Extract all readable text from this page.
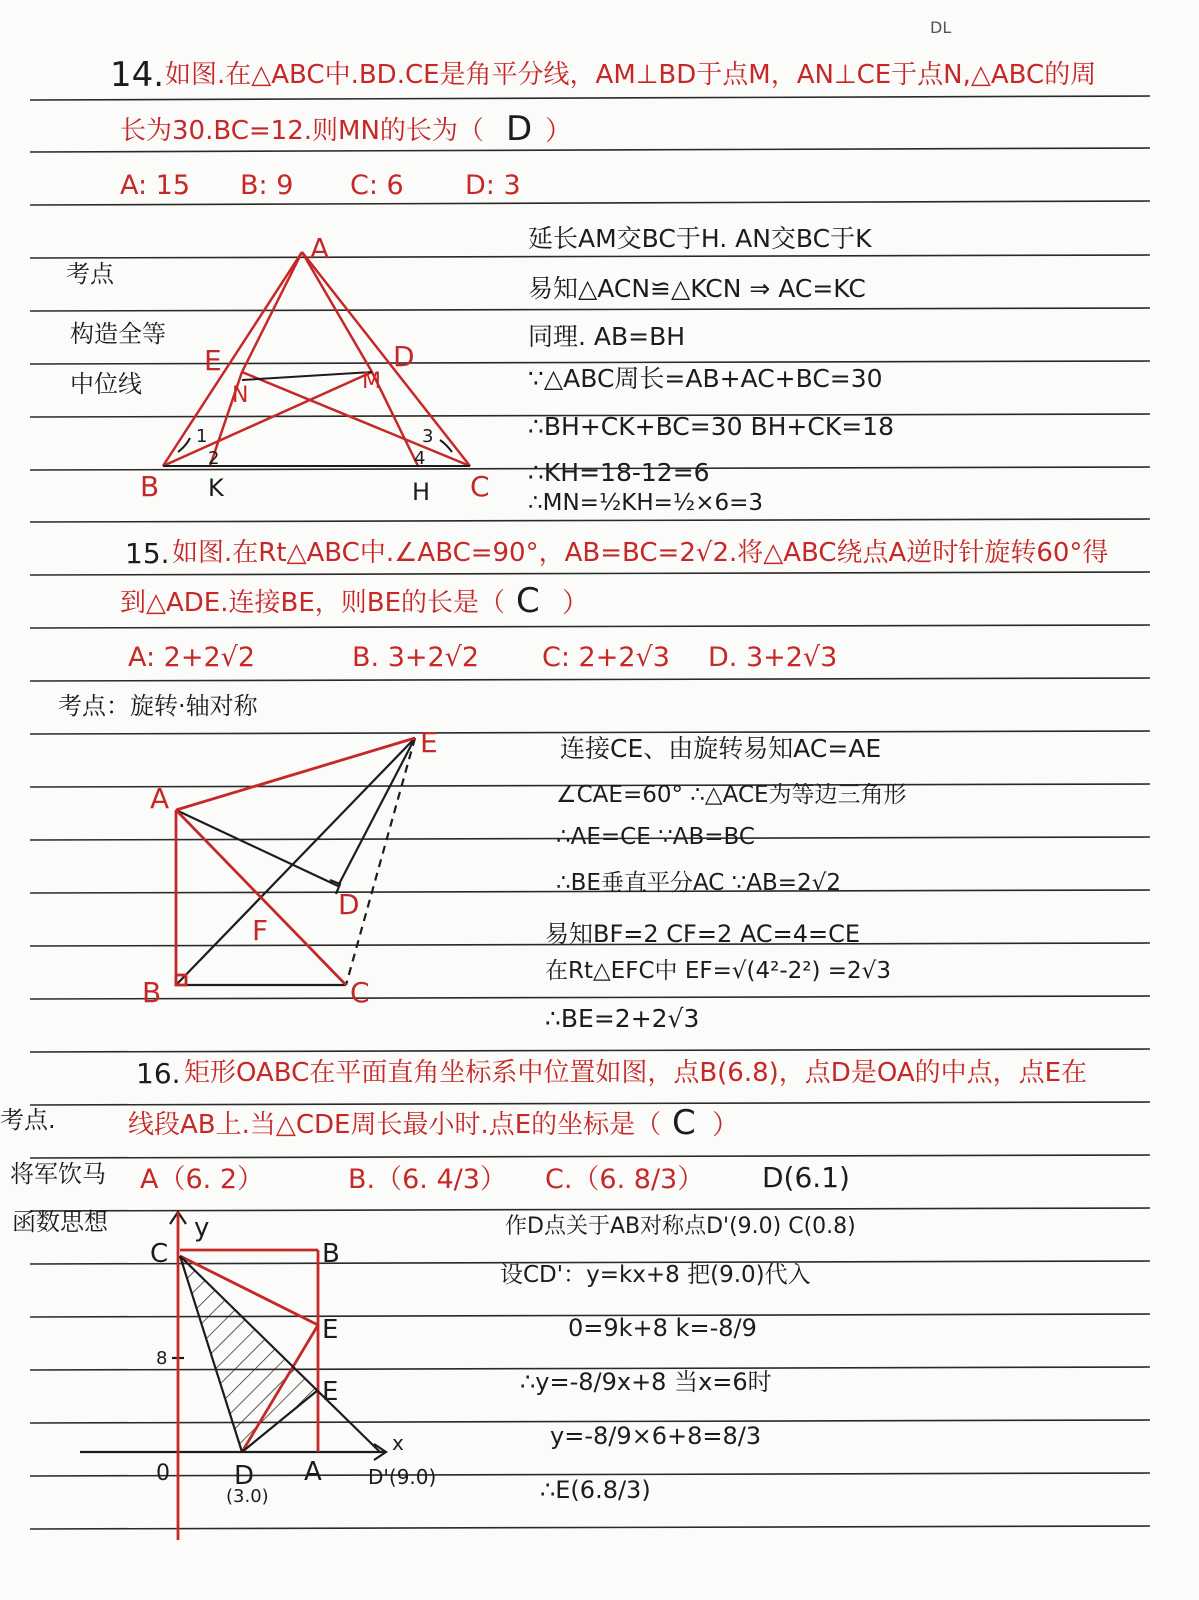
DL
14. 如图.在△ABC中.BD.CE是角平分线，AM⊥BD于点M，AN⊥CE于点N,△ABC的周
长为30.BC=12.则MN的长为（ D ）
A: 15 B: 9 C: 6 D: 3
考点
构造全等
中位线
A
B	C
D
E
M
N
K	H
1
2
3
4
延长AM交BC于H. AN交BC于K
易知△ACN≌△KCN ⇒ AC=KC
同理. AB=BH
∵△ABC周长=AB+AC+BC=30
∴BH+CK+BC=30 BH+CK=18
∴KH=18-12=6
∴MN=½KH=½×6=3
15. 如图.在Rt△ABC中.∠ABC=90°，AB=BC=2√2.将△ABC绕点A逆时针旋转60°得
到△ADE.连接BE，则BE的长是（ C ）
A: 2+2√2	B. 3+2√2 C: 2+2√3 D. 3+2√3
考点：旋转·轴对称
A
B	C
D
E
F
连接CE、由旋转易知AC=AE
∠CAE=60° ∴△ACE为等边三角形
∴AE=CE ∵AB=BC
∴BE垂直平分AC ∵AB=2√2
易知BF=2 CF=2 AC=4=CE
在Rt△EFC中 EF=√(4²-2²) =2√3
∴BE=2+2√3
16. 矩形OABC在平面直角坐标系中位置如图，点B(6.8)，点D是OA的中点，点E在
线段AB上.当△CDE周长最小时.点E的坐标是（ C ）
A（6. 2）	B.（6. 4/3） C.（6. 8/3） D(6.1)
考点.
将军饮马
函数思想	y
x
C
E
E
8
0 D
(3.0)
A D'(9.0)
B
作D点关于AB对称点D'(9.0) C(0.8)
设CD'：y=kx+8 把(9.0)代入
0=9k+8 k=-8/9
∴y=-8/9x+8 当x=6时
y=-8/9×6+8=8/3
∴E(6.8/3)
